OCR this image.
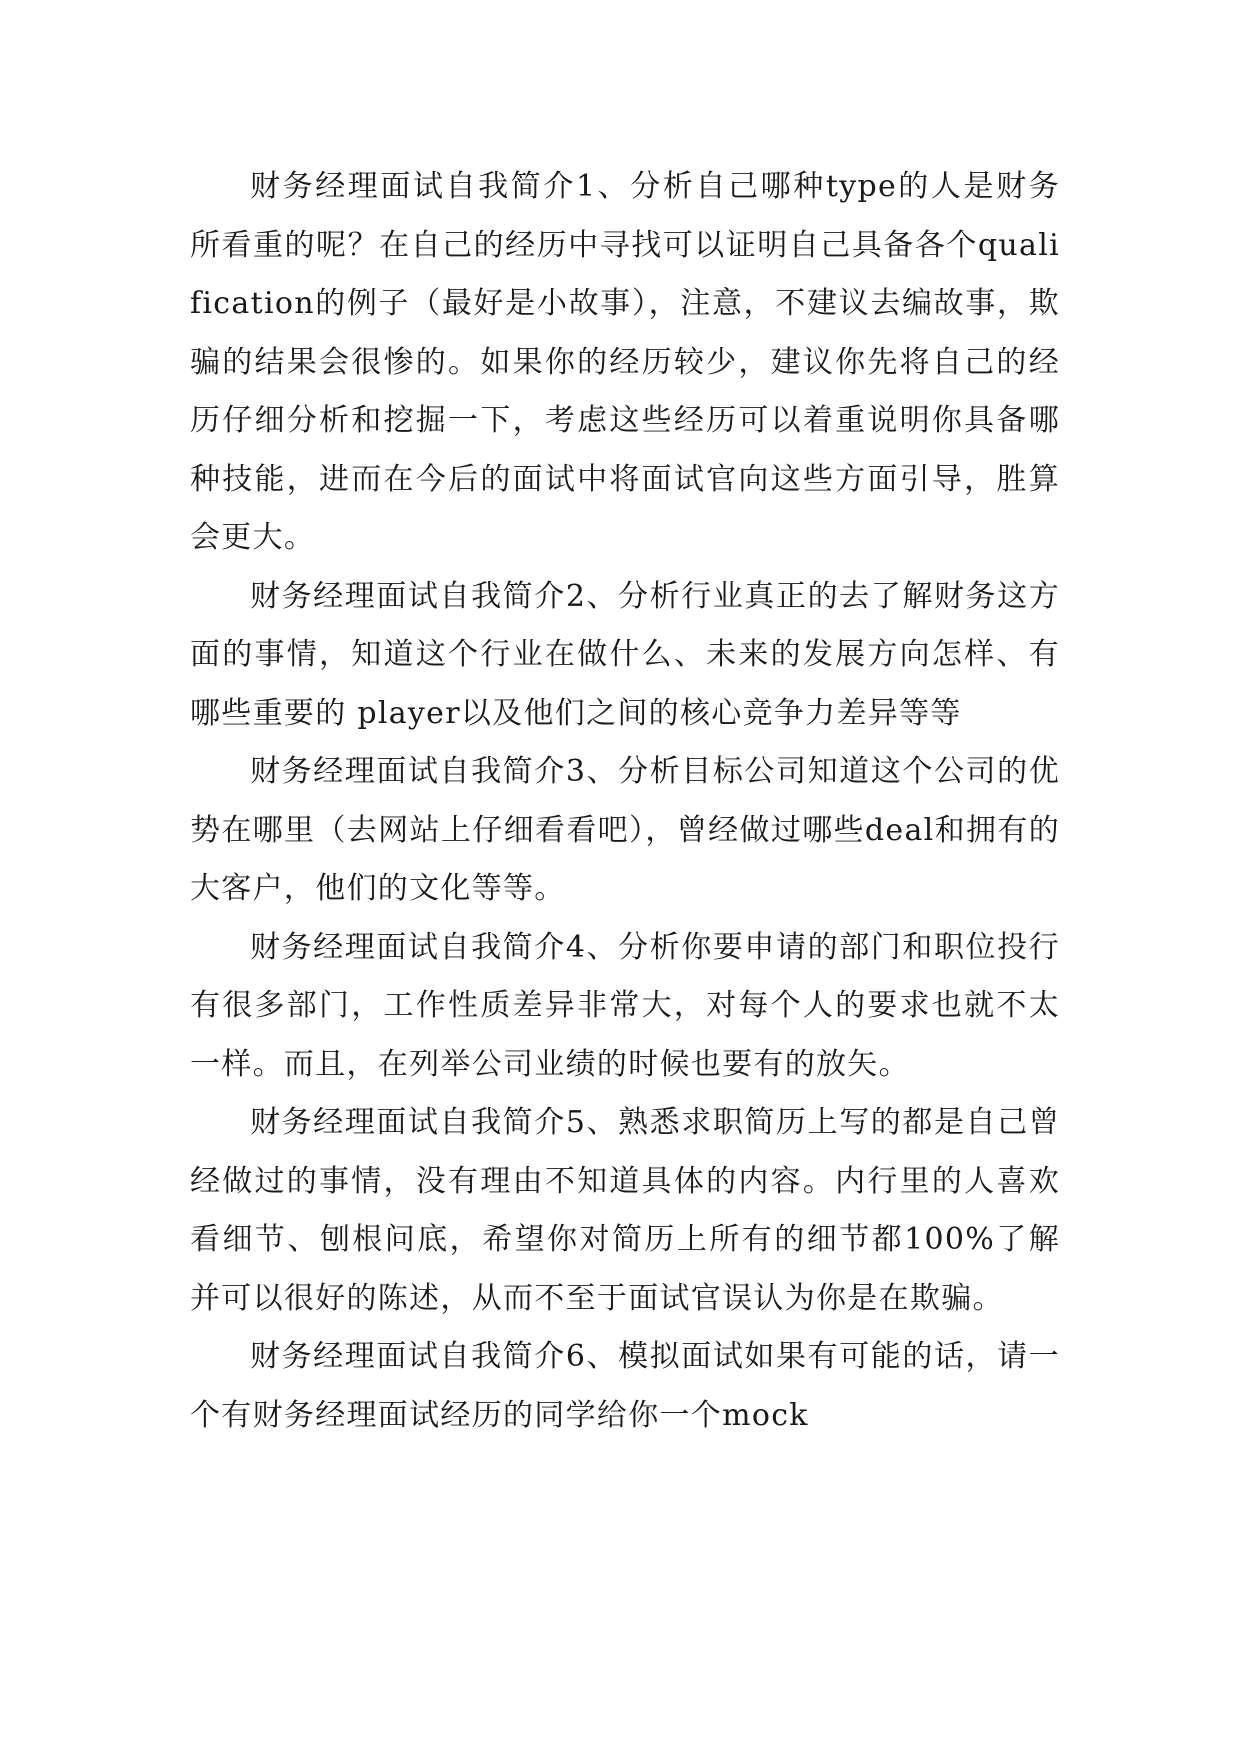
财务经理面试自我简介1、分析自己哪种type的人是财务所看重的呢？在自己的经历中寻找可以证明自己具备各个qualification的例子（最好是小故事），注意，不建议去编故事，欺骗的结果会很惨的。如果你的经历较少，建议你先将自己的经历仔细分析和挖掘一下，考虑这些经历可以着重说明你具备哪种技能，进而在今后的面试中将面试官向这些方面引导，胜算会更大。

财务经理面试自我简介2、分析行业真正的去了解财务这方面的事情，知道这个行业在做什么、未来的发展方向怎样、有哪些重要的 player以及他们之间的核心竞争力差异等等

财务经理面试自我简介3、分析目标公司知道这个公司的优势在哪里（去网站上仔细看看吧），曾经做过哪些deal和拥有的大客户，他们的文化等等。

财务经理面试自我简介4、分析你要申请的部门和职位投行有很多部门，工作性质差异非常大，对每个人的要求也就不太一样。而且，在列举公司业绩的时候也要有的放矢。

财务经理面试自我简介5、熟悉求职简历上写的都是自己曾经做过的事情，没有理由不知道具体的内容。内行里的人喜欢看细节、刨根问底，希望你对简历上所有的细节都100%了解并可以很好的陈述，从而不至于面试官误认为你是在欺骗。

财务经理面试自我简介6、模拟面试如果有可能的话，请一个有财务经理面试经历的同学给你一个mock
